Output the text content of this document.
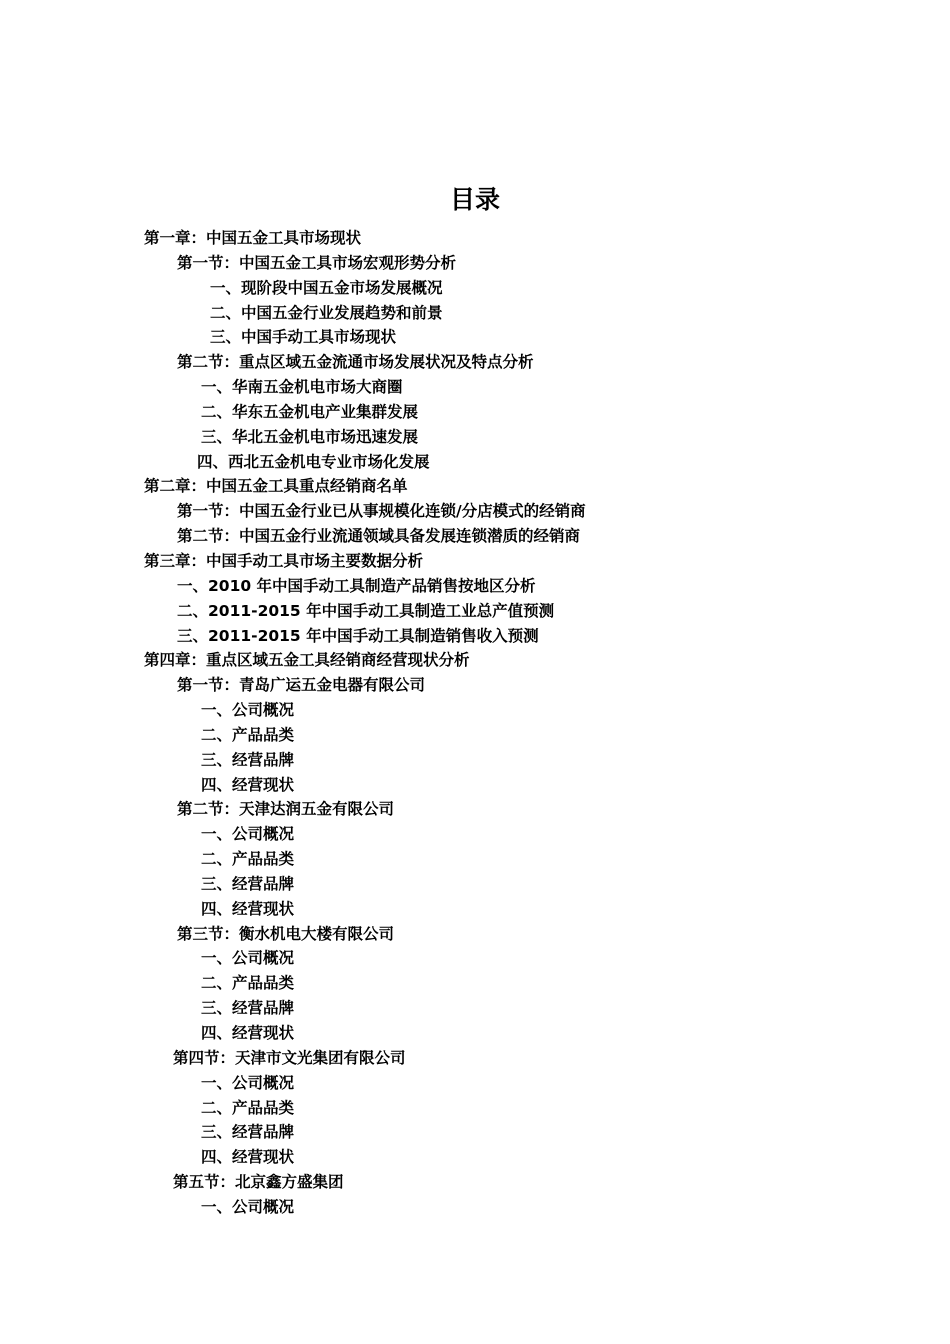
目录
第一章：中国五金工具市场现状
第一节：中国五金工具市场宏观形势分析
一、现阶段中国五金市场发展概况
二、中国五金行业发展趋势和前景
三、中国手动工具市场现状
第二节：重点区域五金流通市场发展状况及特点分析
一、华南五金机电市场大商圈
二、华东五金机电产业集群发展
三、华北五金机电市场迅速发展
四、西北五金机电专业市场化发展
第二章：中国五金工具重点经销商名单
第一节：中国五金行业已从事规模化连锁/分店模式的经销商
第二节：中国五金行业流通领域具备发展连锁潜质的经销商
第三章：中国手动工具市场主要数据分析
一、2010 年中国手动工具制造产品销售按地区分析
二、2011-2015 年中国手动工具制造工业总产值预测
三、2011-2015 年中国手动工具制造销售收入预测
第四章：重点区域五金工具经销商经营现状分析
第一节：青岛广运五金电器有限公司
一、公司概况
二、产品品类
三、经营品牌
四、经营现状
第二节：天津达润五金有限公司
一、公司概况
二、产品品类
三、经营品牌
四、经营现状
第三节：衡水机电大楼有限公司
一、公司概况
二、产品品类
三、经营品牌
四、经营现状
第四节：天津市文光集团有限公司
一、公司概况
二、产品品类
三、经营品牌
四、经营现状
第五节：北京鑫方盛集团
一、公司概况
